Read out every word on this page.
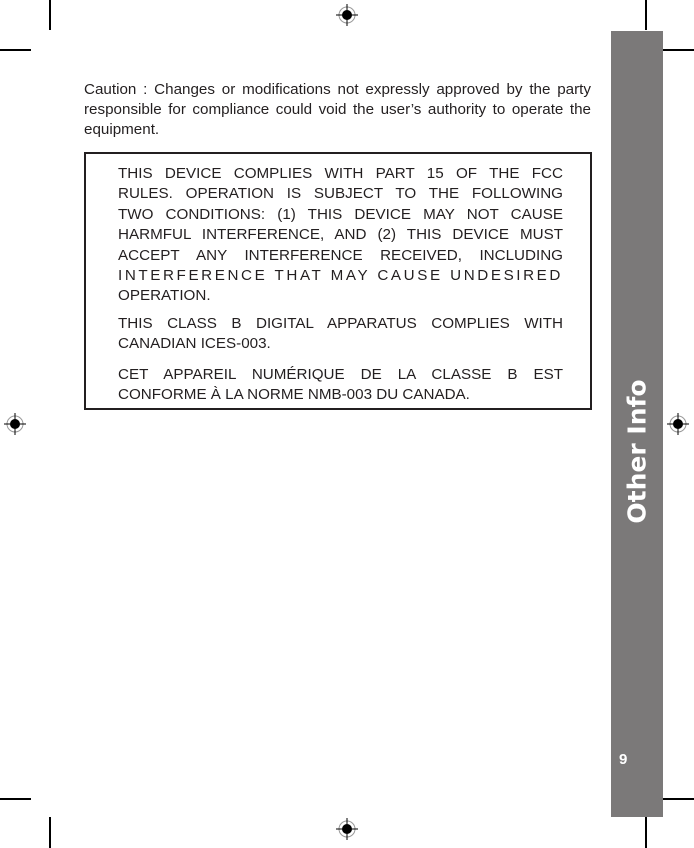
Caution : Changes or modifications not expressly approved by the party responsible for compliance could void the user’s authority to operate the equipment.

THIS DEVICE COMPLIES WITH PART 15 OF THE FCC
RULES. OPERATION IS SUBJECT TO THE FOLLOWING
TWO CONDITIONS: (1) THIS DEVICE MAY NOT CAUSE
HARMFUL INTERFERENCE, AND (2) THIS DEVICE MUST
ACCEPT ANY INTERFERENCE RECEIVED, INCLUDING
INTERFERENCE THAT MAY CAUSE UNDESIRED
OPERATION.

THIS CLASS B DIGITAL APPARATUS COMPLIES WITH
CANADIAN ICES-003.

CET APPAREIL NUMÉRIQUE DE LA CLASSE B EST
CONFORME À LA NORME NMB-003 DU CANADA.	Other Info
9
